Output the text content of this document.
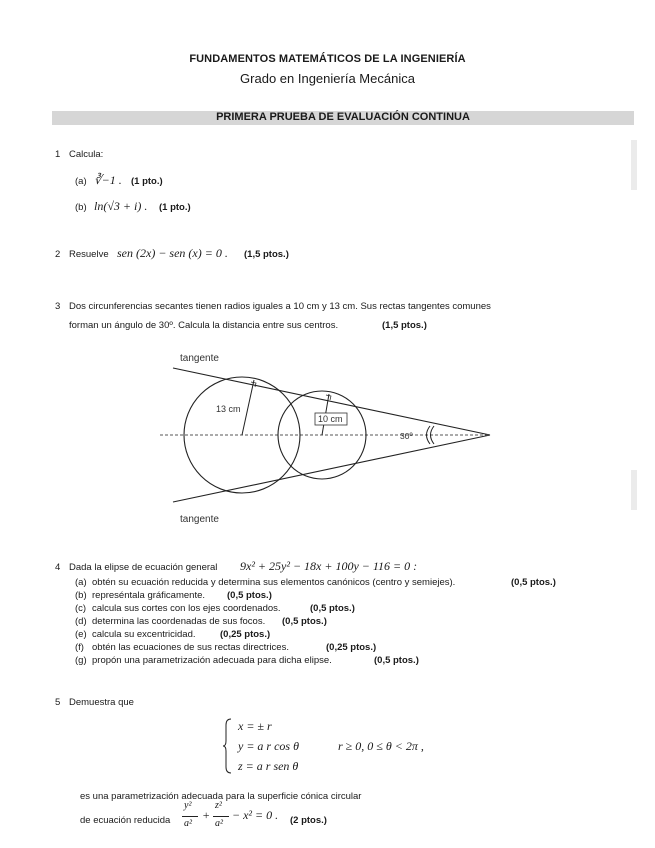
FUNDAMENTOS MATEMÁTICOS DE LA INGENIERÍA
Grado en Ingeniería Mecánica
PRIMERA PRUEBA DE EVALUACIÓN CONTINUA
1 Calcula:
(a) ∛−1 . (1 pto.)
(b) ln(√3 + i) . (1 pto.)
2 Resuelve sen (2x) − sen (x) = 0 . (1,5 ptos.)
3 Dos circunferencias secantes tienen radios iguales a 10 cm y 13 cm. Sus rectas tangentes comunes
forman un ángulo de 30º. Calcula la distancia entre sus centros.	(1,5 ptos.)
tangente
tangente
13 cm
10 cm
30º
4 Dada la elipse de ecuación general 9x² + 25y² − 18x + 100y − 116 = 0 :
(a) obtén su ecuación reducida y determina sus elementos canónicos (centro y semiejes).	(0,5 ptos.)
(b) represéntala gráficamente. (0,5 ptos.)
(c) calcula sus cortes con los ejes coordenados.	(0,5 ptos.)
(d) determina las coordenadas de sus focos. (0,5 ptos.)
(e) calcula su excentricidad.	(0,25 ptos.)
(f) obtén las ecuaciones de sus rectas directrices.	(0,25 ptos.)
(g) propón una parametrización adecuada para dicha elipse.	(0,5 ptos.)
5 Demuestra que
x = ± r
y = a r cos θ
z = a r sen θ
r ≥ 0, 0 ≤ θ < 2π ,
es una parametrización adecuada para la superficie cónica circular
de ecuación reducida
y²
a²
+
z²
a²
− x² = 0 . (2 ptos.)
